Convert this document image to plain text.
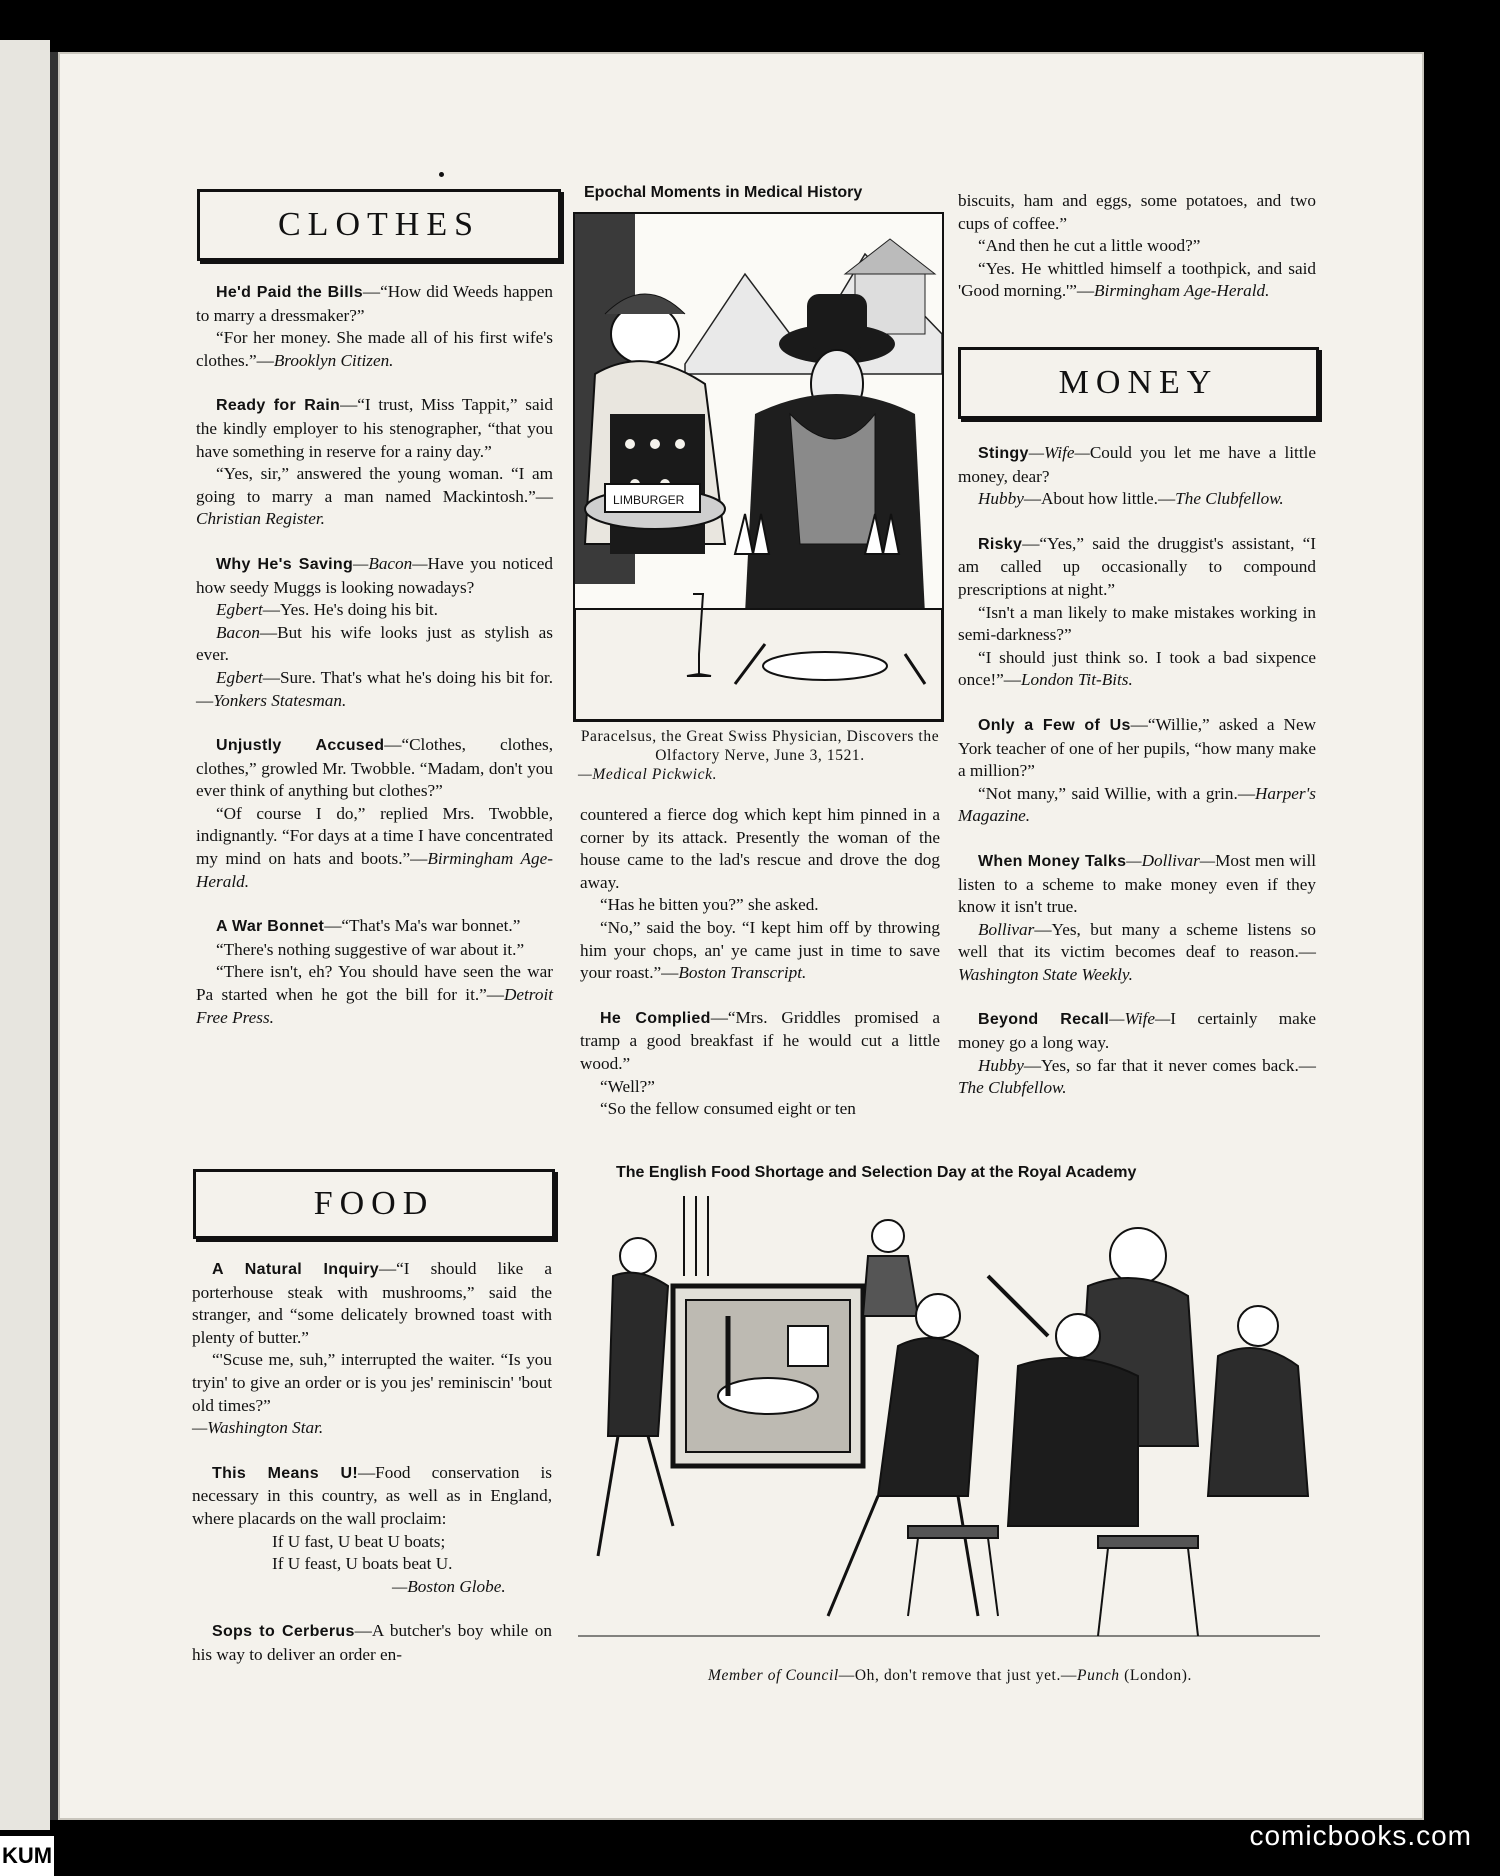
CLOTHES

He'd Paid the Bills—“How did Weeds happen to marry a dressmaker?”

“For her money. She made all of his first wife's clothes.”—Brooklyn Citizen.

Ready for Rain—“I trust, Miss Tappit,” said the kindly employer to his stenographer, “that you have something in reserve for a rainy day.”

“Yes, sir,” answered the young woman. “I am going to marry a man named Mackintosh.”—Christian Register.

Why He's Saving—Bacon—Have you noticed how seedy Muggs is looking nowadays?

Egbert—Yes. He's doing his bit.

Bacon—But his wife looks just as stylish as ever.

Egbert—Sure. That's what he's doing his bit for.—Yonkers Statesman.

Unjustly Accused—“Clothes, clothes, clothes,” growled Mr. Twobble. “Madam, don't you ever think of anything but clothes?”

“Of course I do,” replied Mrs. Twobble, indignantly. “For days at a time I have concentrated my mind on hats and boots.”—Birmingham Age-Herald.

A War Bonnet—“That's Ma's war bonnet.”

“There's nothing suggestive of war about it.”

“There isn't, eh? You should have seen the war Pa started when he got the bill for it.”—Detroit Free Press.

FOOD

A Natural Inquiry—“I should like a porterhouse steak with mushrooms,” said the stranger, and “some delicately browned toast with plenty of butter.”

“'Scuse me, suh,” interrupted the waiter. “Is you tryin' to give an order or is you jes' reminiscin' 'bout old times?”

—Washington Star.

This Means U!—Food conservation is necessary in this country, as well as in England, where placards on the wall proclaim:

If U fast, U beat U boats;

If U feast, U boats beat U.

—Boston Globe.

Sops to Cerberus—A butcher's boy while on his way to deliver an order en-

Epochal Moments in Medical History
LIMBURGER
Paracelsus, the Great Swiss Physician, Discovers the Olfactory Nerve, June 3, 1521.
—Medical Pickwick.

countered a fierce dog which kept him pinned in a corner by its attack. Presently the woman of the house came to the lad's rescue and drove the dog away.

“Has he bitten you?” she asked.

“No,” said the boy. “I kept him off by throwing him your chops, an' ye came just in time to save your roast.”—Boston Transcript.

He Complied—“Mrs. Griddles promised a tramp a good breakfast if he would cut a little wood.”

“Well?”

“So the fellow consumed eight or ten

biscuits, ham and eggs, some potatoes, and two cups of coffee.”

“And then he cut a little wood?”

“Yes. He whittled himself a toothpick, and said 'Good morning.'”—Birmingham Age-Herald.

MONEY

Stingy—Wife—Could you let me have a little money, dear?

Hubby—About how little.—The Clubfellow.

Risky—“Yes,” said the druggist's assistant, “I am called up occasionally to compound prescriptions at night.”

“Isn't a man likely to make mistakes working in semi-darkness?”

“I should just think so. I took a bad sixpence once!”—London Tit-Bits.

Only a Few of Us—“Willie,” asked a New York teacher of one of her pupils, “how many make a million?”

“Not many,” said Willie, with a grin.—Harper's Magazine.

When Money Talks—Dollivar—Most men will listen to a scheme to make money even if they know it isn't true.

Bollivar—Yes, but many a scheme listens so well that its victim becomes deaf to reason.—Washington State Weekly.

Beyond Recall—Wife—I certainly make money go a long way.

Hubby—Yes, so far that it never comes back.—The Clubfellow.

The English Food Shortage and Selection Day at the Royal Academy
Member of Council—Oh, don't remove that just yet.—Punch (London).
comicbooks.com
KUM
